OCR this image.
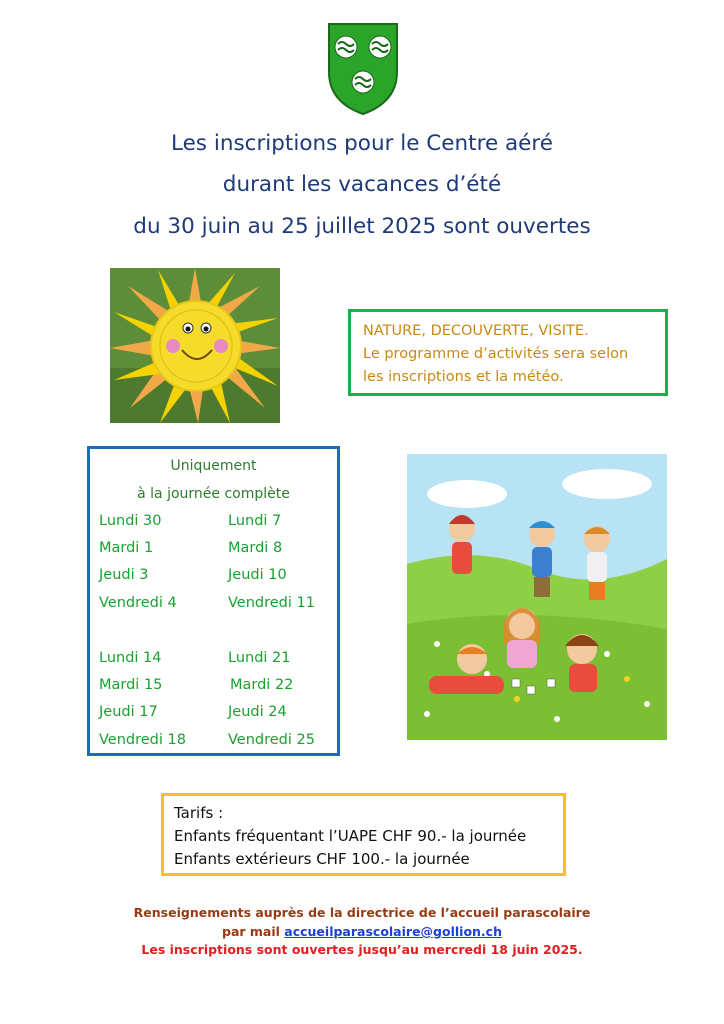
Les inscriptions pour le Centre aéré
durant les vacances d’été
du 30 juin au 25 juillet 2025 sont ouvertes
NATURE, DECOUVERTE, VISITE.
Le programme d’activités sera selon
les inscriptions et la météo.
Uniquement
à la journée complète
Lundi 30
Mardi 1
Jeudi 3
Vendredi 4
Lundi 14
Mardi 15
Jeudi 17
Vendredi 18
Lundi 7
Mardi 8
Jeudi 10
Vendredi 11
Lundi 21
Mardi 22
Jeudi 24
Vendredi 25
Tarifs :
Enfants fréquentant l’UAPE CHF 90.- la journée
Enfants extérieurs CHF 100.- la journée
Renseignements auprès de la directrice de l’accueil parascolaire
par mail accueilparascolaire@gollion.ch
Les inscriptions sont ouvertes jusqu’au mercredi 18 juin 2025.
